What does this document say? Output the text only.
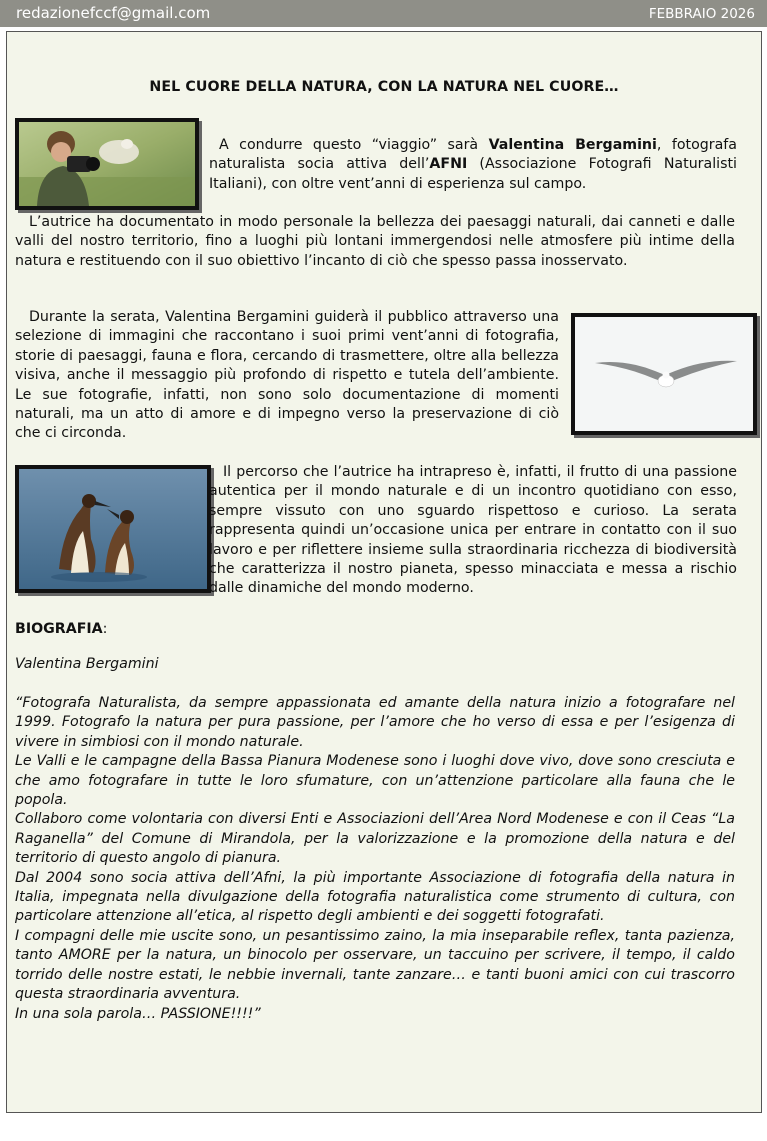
redazionefccf@gmail.com	FEBBRAIO 2026
NEL CUORE DELLA NATURA, CON LA NATURA NEL CUORE…

A condurre questo “viaggio” sarà Valentina Bergamini, fotografa naturalista socia attiva dell’AFNI (Associazione Fotografi Naturalisti Italiani), con oltre vent’anni di esperienza sul campo.

L’autrice ha documentato in modo personale la bellezza dei paesaggi naturali, dai canneti e dalle valli del nostro territorio, fino a luoghi più lontani immergendosi nelle atmosfere più intime della natura e restituendo con il suo obiettivo l’incanto di ciò che spesso passa inosservato.

Durante la serata, Valentina Bergamini guiderà il pubblico attraverso una selezione di immagini che raccontano i suoi primi vent’anni di fotografia, storie di paesaggi, fauna e flora, cercando di trasmettere, oltre alla bellezza visiva, anche il messaggio più profondo di rispetto e tutela dell’ambiente. Le sue fotografie, infatti, non sono solo documentazione di momenti naturali, ma un atto di amore e di impegno verso la preservazione di ciò che ci circonda.

Il percorso che l’autrice ha intrapreso è, infatti, il frutto di una passione autentica per il mondo naturale e di un incontro quotidiano con esso, sempre vissuto con uno sguardo rispettoso e curioso. La serata rappresenta quindi un’occasione unica per entrare in contatto con il suo lavoro e per riflettere insieme sulla straordinaria ricchezza di biodiversità che caratterizza il nostro pianeta, spesso minacciata e messa a rischio dalle dinamiche del mondo moderno.

BIOGRAFIA:
Valentina Bergamini

“Fotografa Naturalista, da sempre appassionata ed amante della natura inizio a fotografare nel 1999. Fotografo la natura per pura passione, per l’amore che ho verso di essa e per l’esigenza di vivere in simbiosi con il mondo naturale.

Le Valli e le campagne della Bassa Pianura Modenese sono i luoghi dove vivo, dove sono cresciuta e che amo fotografare in tutte le loro sfumature, con un’attenzione particolare alla fauna che le popola.

Collaboro come volontaria con diversi Enti e Associazioni dell’Area Nord Modenese e con il Ceas “La Raganella” del Comune di Mirandola, per la valorizzazione e la promozione della natura e del territorio di questo angolo di pianura.

Dal 2004 sono socia attiva dell’Afni, la più importante Associazione di fotografia della natura in Italia, impegnata nella divulgazione della fotografia naturalistica come strumento di cultura, con particolare attenzione all’etica, al rispetto degli ambienti e dei soggetti fotografati.

I compagni delle mie uscite sono, un pesantissimo zaino, la mia inseparabile reflex, tanta pazienza, tanto AMORE per la natura, un binocolo per osservare, un taccuino per scrivere, il tempo, il caldo torrido delle nostre estati, le nebbie invernali, tante zanzare… e tanti buoni amici con cui trascorro questa straordinaria avventura.

In una sola parola… PASSIONE!!!!”
